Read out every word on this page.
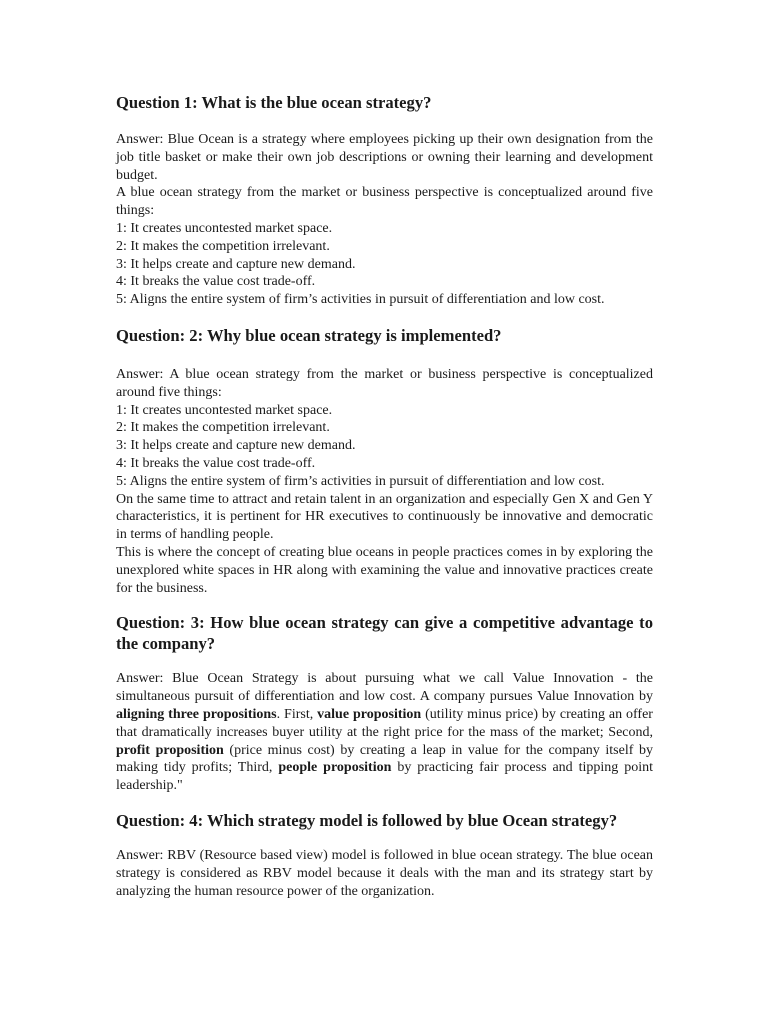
Question 1: What is the blue ocean strategy?

Answer: Blue Ocean is a strategy where employees picking up their own designation from the job title basket or make their own job descriptions or owning their learning and development budget.

A blue ocean strategy from the market or business perspective is conceptualized around five things:

1: It creates uncontested market space.

2: It makes the competition irrelevant.

3: It helps create and capture new demand.

4: It breaks the value cost trade-off.

5: Aligns the entire system of firm’s activities in pursuit of differentiation and low cost.

Question: 2: Why blue ocean strategy is implemented?

Answer: A blue ocean strategy from the market or business perspective is conceptualized around five things:

1: It creates uncontested market space.

2: It makes the competition irrelevant.

3: It helps create and capture new demand.

4: It breaks the value cost trade-off.

5: Aligns the entire system of firm’s activities in pursuit of differentiation and low cost.

On the same time to attract and retain talent in an organization and especially Gen X and Gen Y characteristics, it is pertinent for HR executives to continuously be innovative and democratic in terms of handling people.

This is where the concept of creating blue oceans in people practices comes in by exploring the unexplored white spaces in HR along with examining the value and innovative practices create for the business.

Question: 3: How blue ocean strategy can give a competitive advantage to the company?

Answer: Blue Ocean Strategy is about pursuing what we call Value Innovation - the simultaneous pursuit of differentiation and low cost. A company pursues Value Innovation by aligning three propositions. First, value proposition (utility minus price) by creating an offer that dramatically increases buyer utility at the right price for the mass of the market; Second, profit proposition (price minus cost) by creating a leap in value for the company itself by making tidy profits; Third, people proposition by practicing fair process and tipping point leadership."

Question: 4: Which strategy model is followed by blue Ocean strategy?

Answer: RBV (Resource based view) model is followed in blue ocean strategy. The blue ocean strategy is considered as RBV model because it deals with the man and its strategy start by analyzing the human resource power of the organization.
